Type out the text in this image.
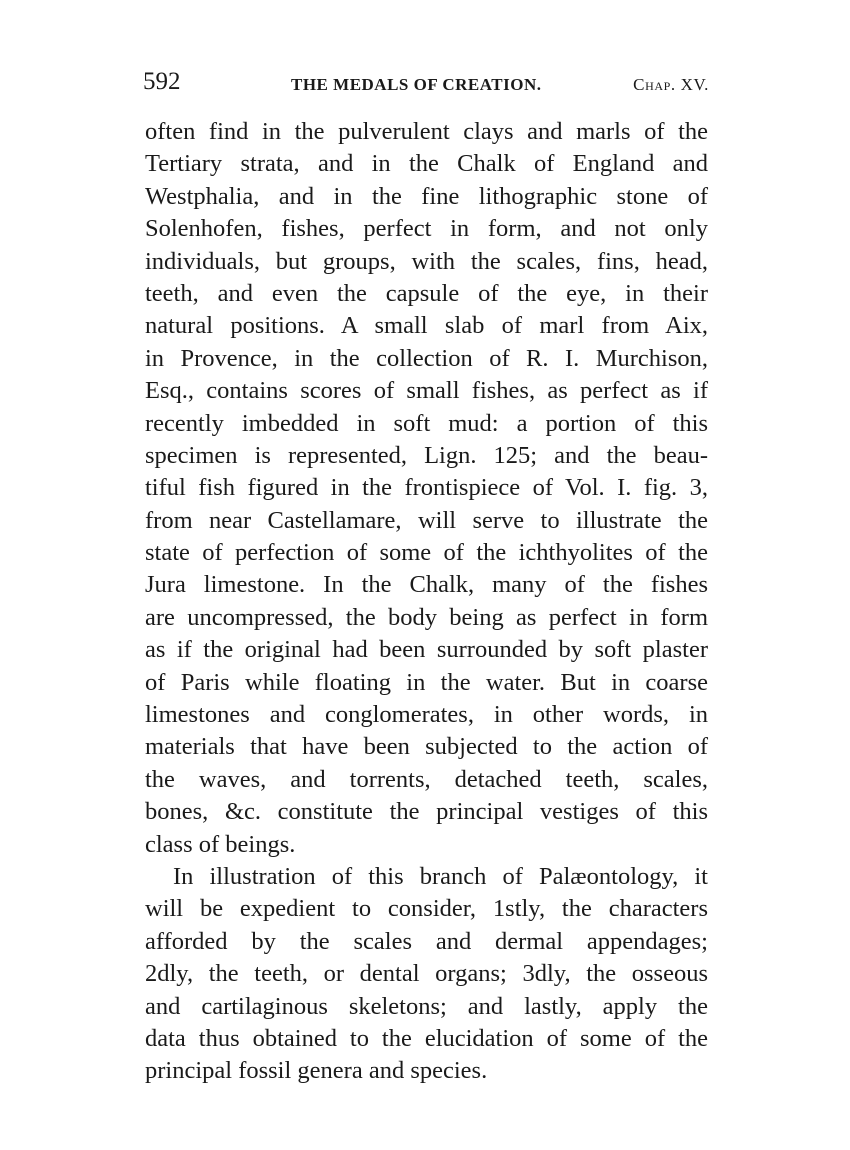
592	THE MEDALS OF CREATION.	Chap. XV.
often find in the pulverulent clays and marls of the
Tertiary strata, and in the Chalk of England and
Westphalia, and in the fine lithographic stone of
Solenhofen, fishes, perfect in form, and not only
individuals, but groups, with the scales, fins, head,
teeth, and even the capsule of the eye, in their
natural positions. A small slab of marl from Aix,
in Provence, in the collection of R. I. Murchison,
Esq., contains scores of small fishes, as perfect as if
recently imbedded in soft mud: a portion of this
specimen is represented, Lign. 125; and the beau-
tiful fish figured in the frontispiece of Vol. I. fig. 3,
from near Castellamare, will serve to illustrate the
state of perfection of some of the ichthyolites of the
Jura limestone. In the Chalk, many of the fishes
are uncompressed, the body being as perfect in form
as if the original had been surrounded by soft plaster
of Paris while floating in the water. But in coarse
limestones and conglomerates, in other words, in
materials that have been subjected to the action of
the waves, and torrents, detached teeth, scales,
bones, &c. constitute the principal vestiges of this
class of beings.
In illustration of this branch of Palæontology, it
will be expedient to consider, 1stly, the characters
afforded by the scales and dermal appendages;
2dly, the teeth, or dental organs; 3dly, the osseous
and cartilaginous skeletons; and lastly, apply the
data thus obtained to the elucidation of some of the
principal fossil genera and species.
